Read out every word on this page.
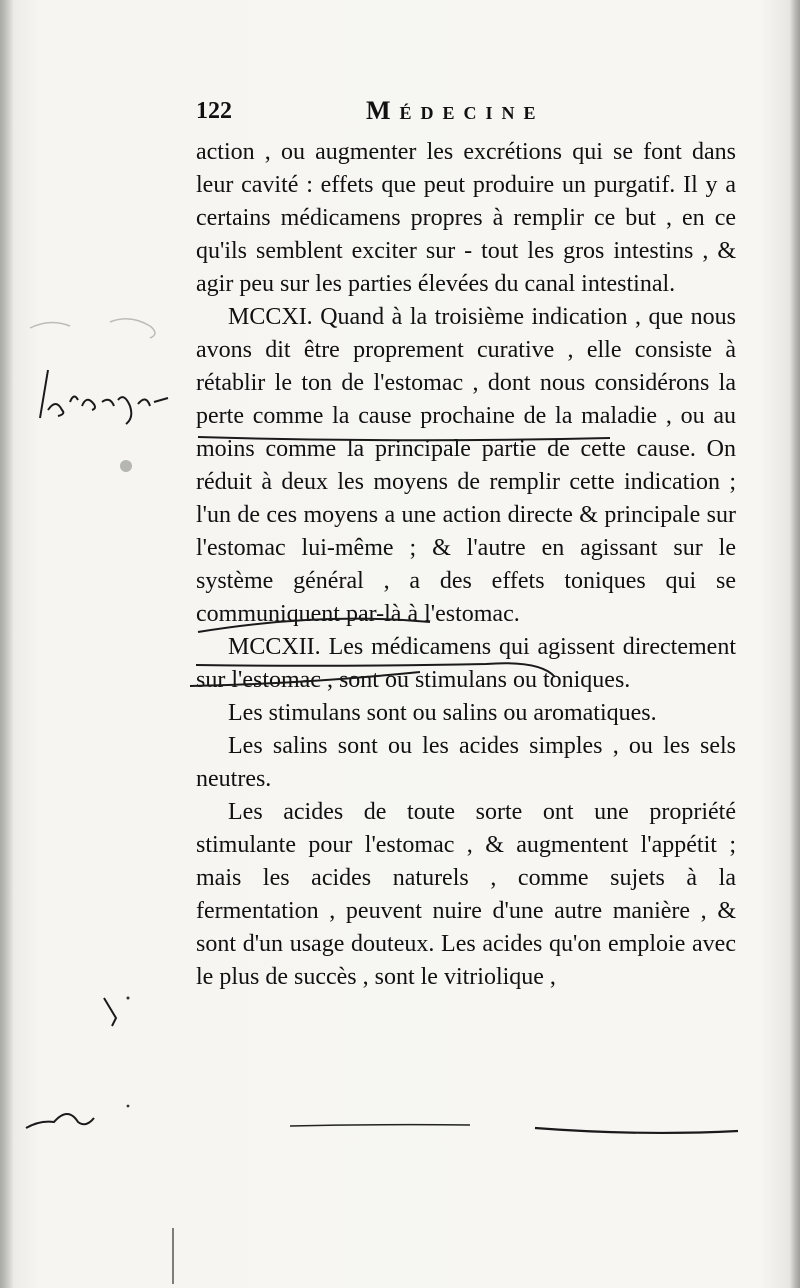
122	Médecine

action , ou augmenter les excrétions qui se font dans leur cavité : effets que peut produire un purgatif. Il y a certains médicamens propres à remplir ce but , en ce qu'ils semblent exciter sur - tout les gros intestins , & agir peu sur les parties élevées du canal intestinal.

MCCXI. Quand à la troisième indication , que nous avons dit être proprement curative , elle consiste à rétablir le ton de l'estomac , dont nous considérons la perte comme la cause prochaine de la maladie , ou au moins comme la principale partie de cette cause. On réduit à deux les moyens de remplir cette indication ; l'un de ces moyens a une action directe & principale sur l'estomac lui-même ; & l'autre en agissant sur le système général , a des effets toniques qui se communiquent par-là à l'estomac.

MCCXII. Les médicamens qui agissent directement sur l'estomac , sont ou stimulans ou toniques.

Les stimulans sont ou salins ou aromatiques.

Les salins sont ou les acides simples , ou les sels neutres.

Les acides de toute sorte ont une propriété stimulante pour l'estomac , & augmentent l'appétit ; mais les acides naturels , comme sujets à la fermentation , peuvent nuire d'une autre manière , & sont d'un usage douteux. Les acides qu'on emploie avec le plus de succès , sont le vitriolique ,
